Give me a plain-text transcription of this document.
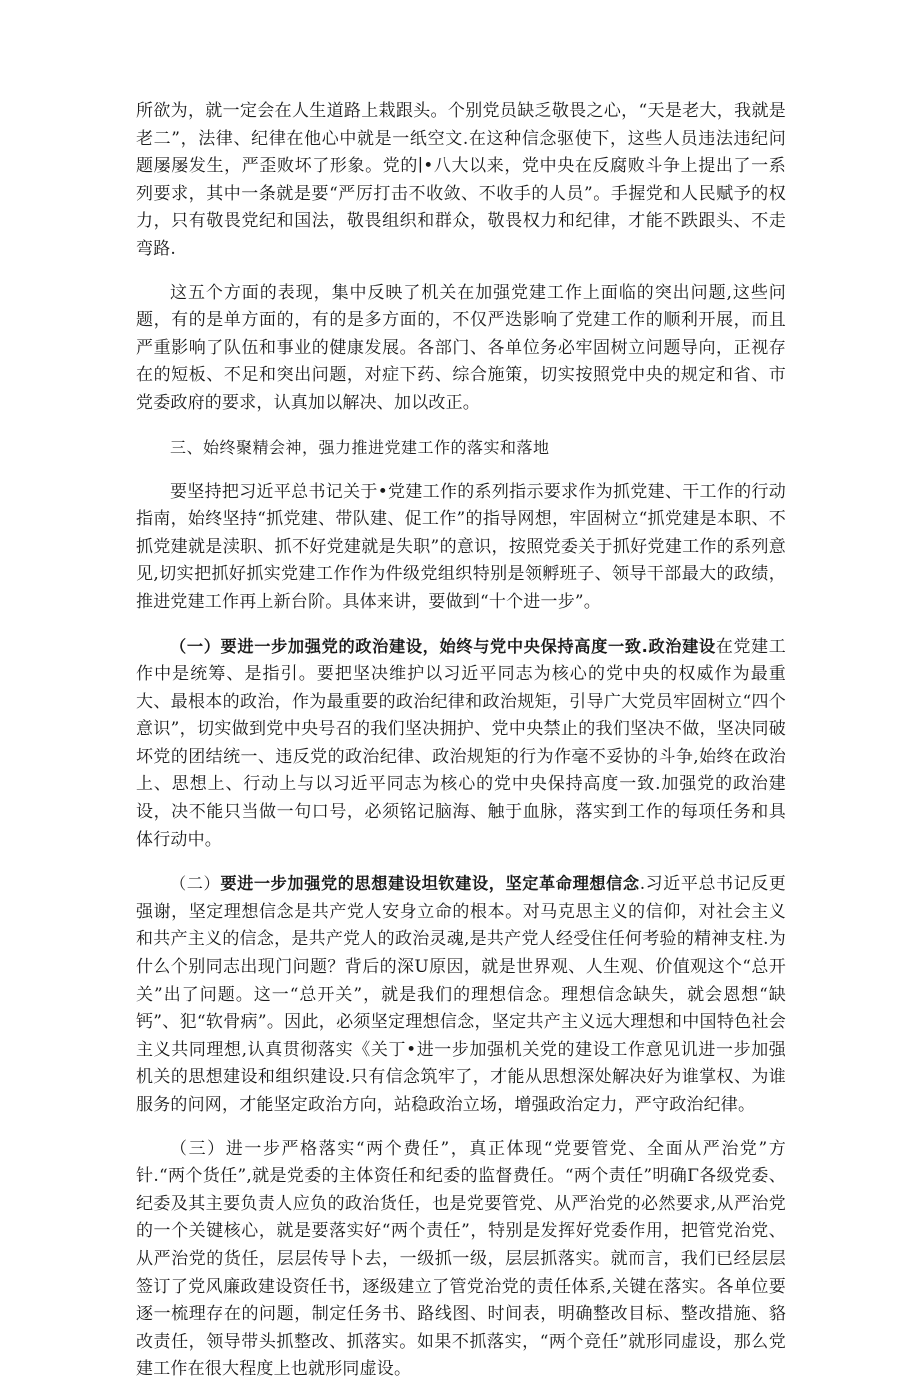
所欲为，就一定会在人生道路上栽跟头。个别党员缺乏敬畏之心，“天是老大，我就是老二”，法律、纪律在他心中就是一纸空文.在这种信念驱使下，这些人员违法违纪问题屡屡发生，严歪败坏了形象。党的∣•八大以来，党中央在反腐败斗争上提出了一系列要求，其中一条就是要“严厉打击不收敛、不收手的人员”。手握党和人民赋予的权力，只有敬畏党纪和国法，敬畏组织和群众，敬畏权力和纪律，才能不跌跟头、不走弯路.

这五个方面的表现，集中反映了机关在加强党建工作上面临的突出问题,这些问题，有的是单方面的，有的是多方面的，不仅严迭影响了党建工作的顺利开展，而且严重影响了队伍和事业的健康发展。各部门、各单位务必牢固树立问题导向，正视存在的短板、不足和突出问题，对症下药、综合施策，切实按照党中央的规定和省、市党委政府的要求，认真加以解决、加以改正。

三、始终聚精会神，强力推进党建工作的落实和落地

要坚持把习近平总书记关于•党建工作的系列指示要求作为抓党建、干工作的行动指南，始终坚持“抓党建、带队建、促工作”的指导网想，牢固树立“抓党建是本职、不抓党建就是渎职、抓不好党建就是失职”的意识，按照党委关于抓好党建工作的系列意见,切实把抓好抓实党建工作作为件级党组织特别是领孵班子、领导干部最大的政绩，推进党建工作再上新台阶。具体来讲，要做到“十个进一步”。

（一）要进一步加强党的政治建设，始终与党中央保持高度一致.政治建设在党建工作中是统筹、是指引。要把坚决维护以习近平同志为核心的党中央的权威作为最重大、最根本的政治，作为最重要的政治纪律和政治规矩，引导广大党员牢固树立“四个意识”，切实做到党中央号召的我们坚决拥护、党中央禁止的我们坚决不做，坚决同破坏党的团结统一、违反党的政治纪律、政治规矩的行为作毫不妥协的斗争,始终在政治上、思想上、行动上与以习近平同志为核心的党中央保持高度一致.加强党的政治建设，决不能只当做一句口号，必须铭记脑海、触于血脉，落实到工作的每项任务和具体行动中。

（二）要进一步加强党的思想建设坦钦建设，坚定革命理想信念.习近平总书记反更强谢，坚定理想信念是共产党人安身立命的根本。对马克思主义的信仰，对社会主义和共产主义的信念，是共产党人的政治灵魂,是共产党人经受住任何考验的精神支柱.为什么个别同志出现门问题？背后的深U原因，就是世界观、人生观、价值观这个“总开关”出了问题。这一“总开关”，就是我们的理想信念。理想信念缺失，就会恩想“缺钙”、犯“软骨病”。因此，必须坚定理想信念，坚定共产主义远大理想和中国特色社会主义共同理想,认真贯彻落实《关丁•进一步加强机关党的建设工作意见讥进一步加强机关的思想建设和组织建设.只有信念筑牢了，才能从思想深处解决好为谁掌权、为谁服务的问网，才能坚定政治方向，站稳政治立场，增强政治定力，严守政治纪律。

（三）进一步严格落实“两个费任”，真正体现“党要管党、全面从严治党”方针.“两个货任”,就是党委的主体资任和纪委的监督费任。“两个责任”明确Γ各级党委、纪委及其主要负责人应负的政治货任，也是党要管党、从严治党的必然要求,从严治党的一个关键核心，就是要落实好“两个责任”，特别是发挥好党委作用，把管党治党、从严治党的货任，层层传导卜去，一级抓一级，层层抓落实。就而言，我们已经层层签订了党风廉政建设资任书，逐级建立了管党治党的责任体系,关键在落实。各单位要逐一梳理存在的问题，制定任务书、路线图、时间表，明确整改目标、整改措施、貉改责任，领导带头抓整改、抓落实。如果不抓落实，“两个竞任”就形同虚设，那么党建工作在很大程度上也就形同虚设。
